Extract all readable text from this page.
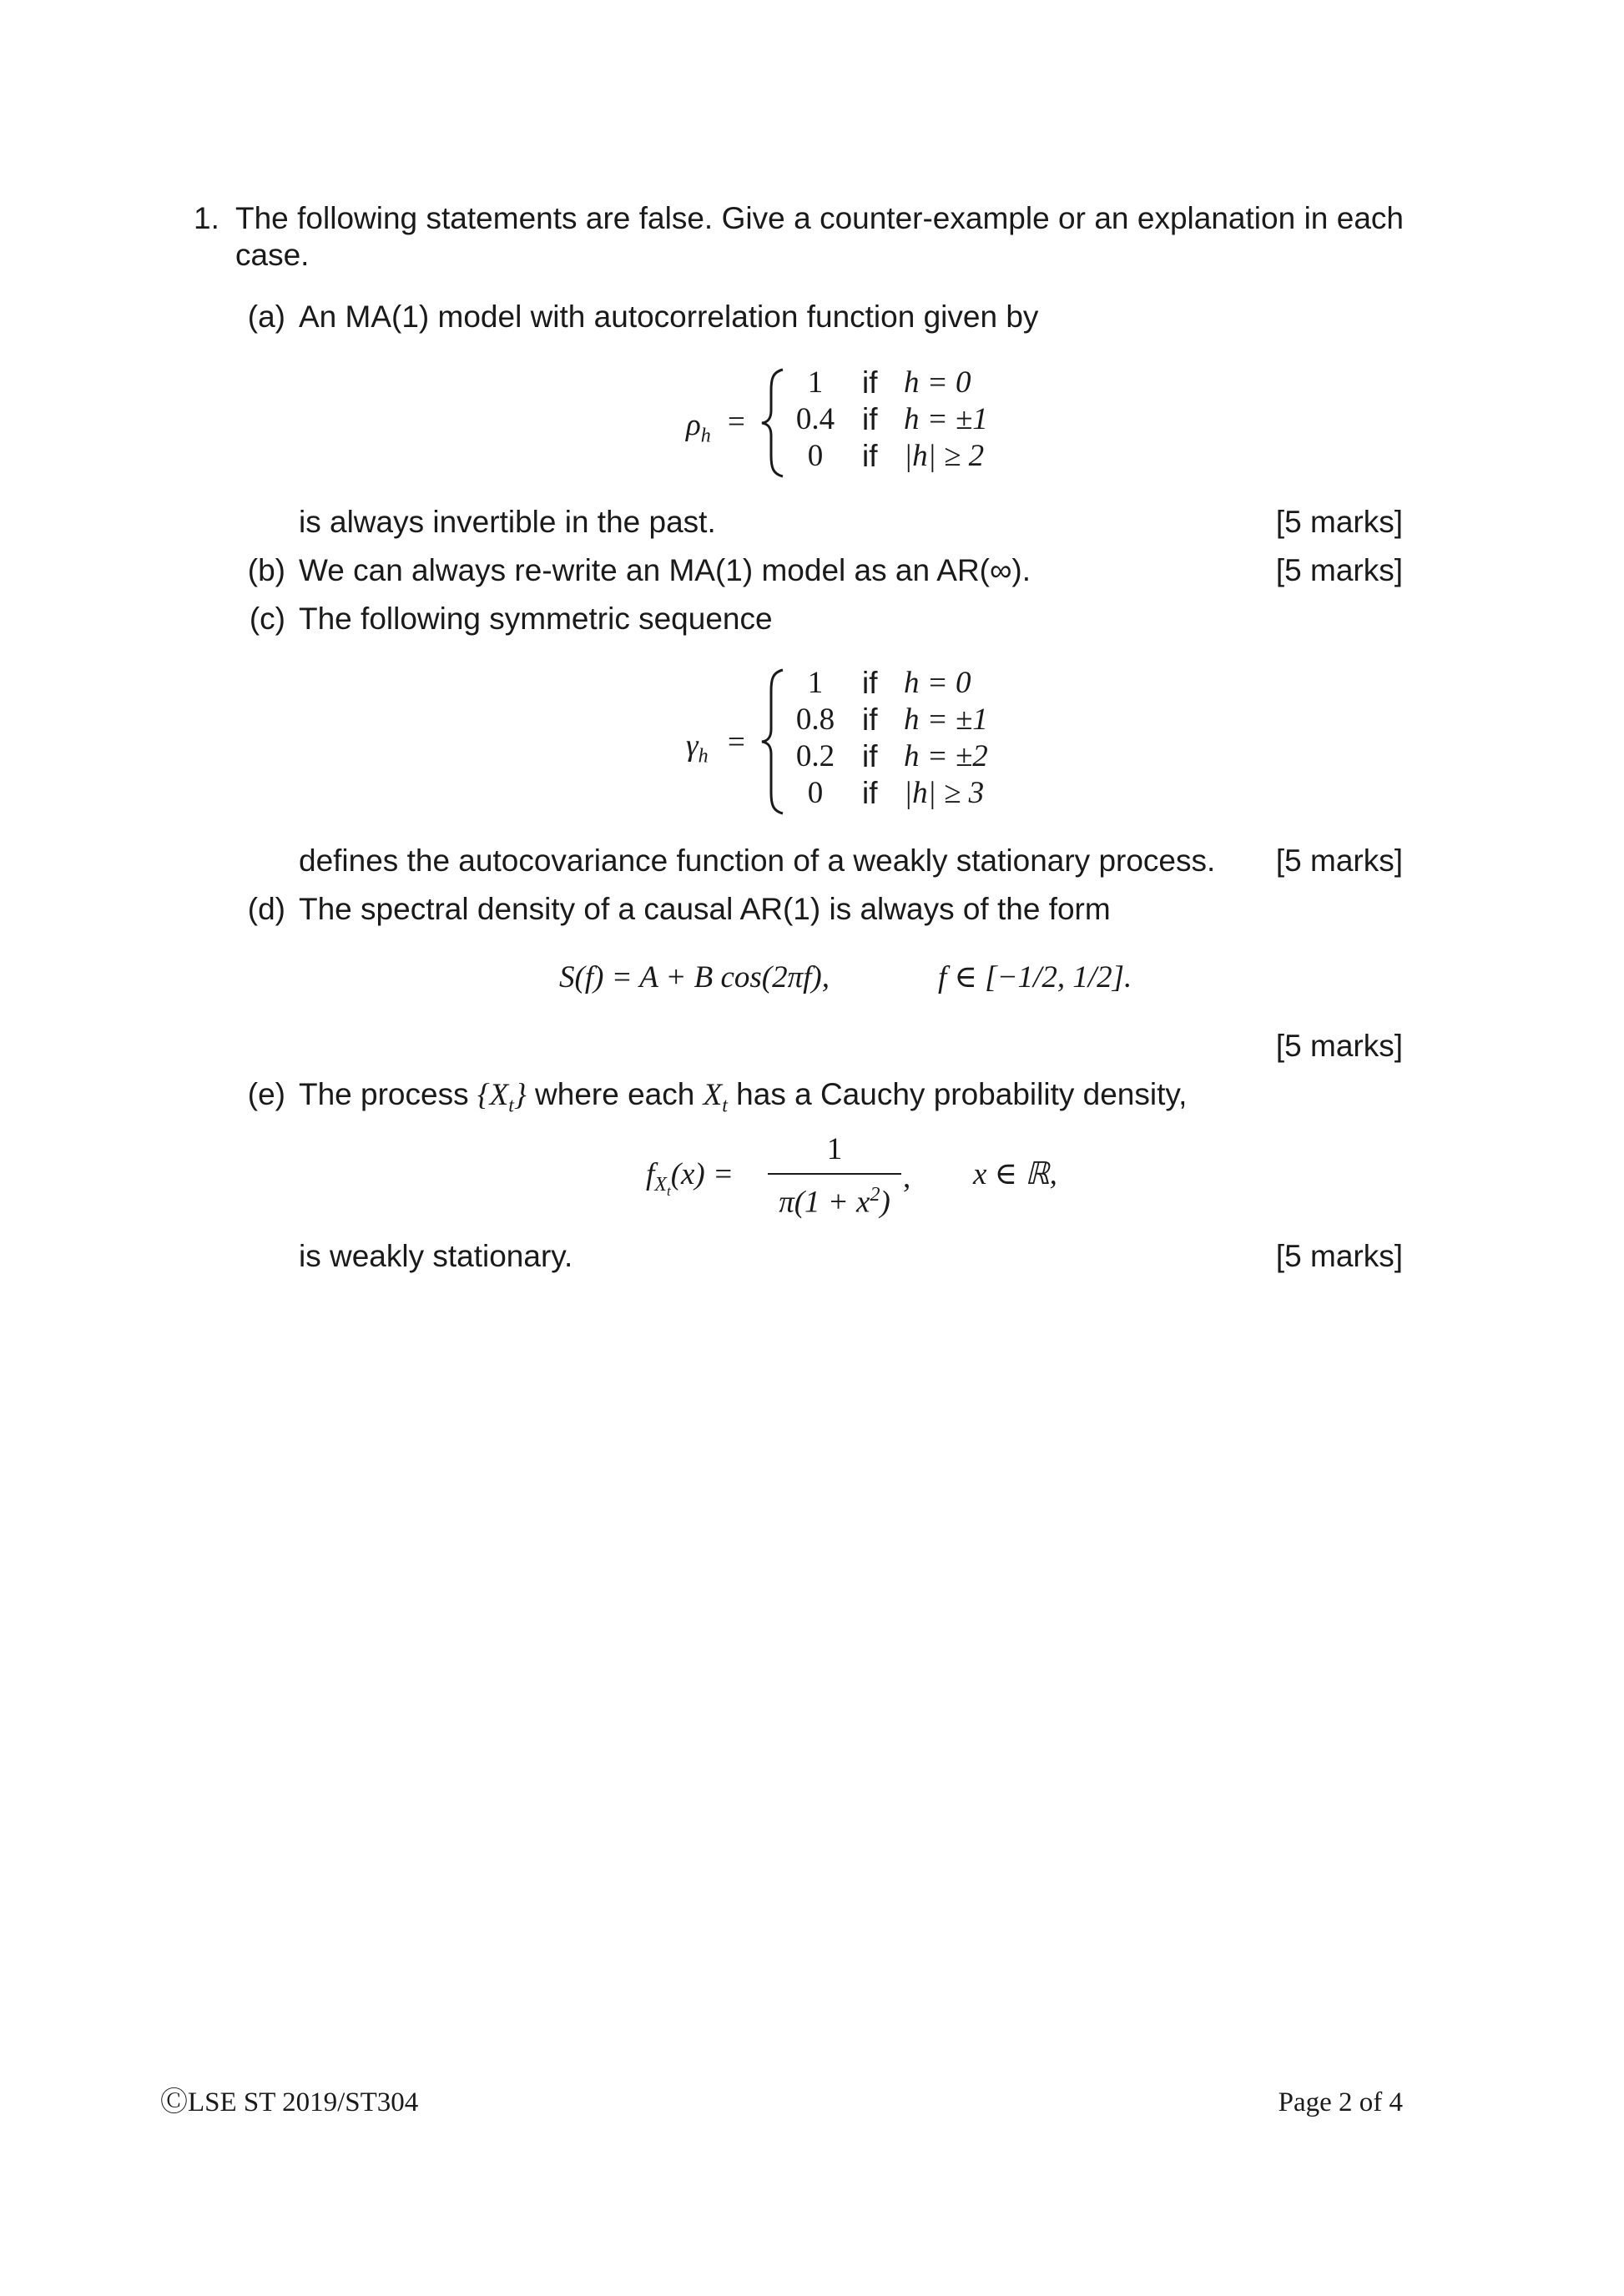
1. The following statements are false. Give a counter-example or an explanation in each
case.
(a) An MA(1) model with autocorrelation function given by
$\rho_h$ =
1	if h = 0
0.4 if h = ±1
0	if |h| ≥ 2
is always invertible in the past.	[5 marks]
(b) We can always re-write an MA(1) model as an AR(∞).	[5 marks]
(c) The following symmetric sequence
$\gamma_h$ =
1	if h = 0
0.8 if h = ±1
0.2 if h = ±2
0	if |h| ≥ 3
defines the autocovariance function of a weakly stationary process. [5 marks]
(d) The spectral density of a causal AR(1) is always of the form
S(f) = A + B cos(2πf),	f ∈ [−1/2, 1/2].
[5 marks]
(e) The process $\{X_t\}$ where each $X_t$ has a Cauchy probability density,
$f_{X_t}(x)$ =
1
$\pi(1 + x^2)$
, x ∈ ℝ,
is weakly stationary.	[5 marks]
ⒸLSE ST 2019/ST304	Page 2 of 4
